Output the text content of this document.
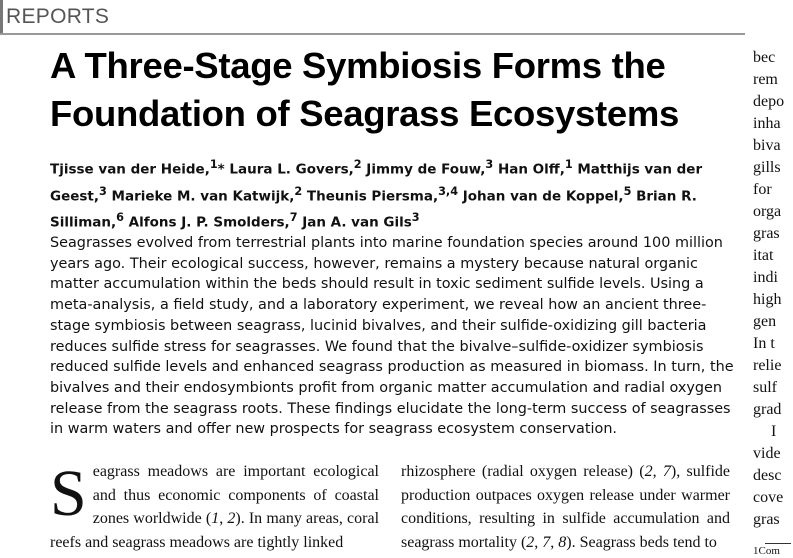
REPORTS
A Three-Stage Symbiosis Forms the Foundation of Seagrass Ecosystems
Tjisse van der Heide,$^1$* Laura L. Govers,$^2$ Jimmy de Fouw,$^3$ Han Olff,$^1$ Matthijs van der Geest,$^3$ Marieke M. van Katwijk,$^2$ Theunis Piersma,$^{3,4}$ Johan van de Koppel,$^5$ Brian R. Silliman,$^6$ Alfons J. P. Smolders,$^7$ Jan A. van Gils$^3$

Seagrasses evolved from terrestrial plants into marine foundation species around 100 million years ago. Their ecological success, however, remains a mystery because natural organic matter accumulation within the beds should result in toxic sediment sulfide levels. Using a meta-analysis, a field study, and a laboratory experiment, we reveal how an ancient three-stage symbiosis between seagrass, lucinid bivalves, and their sulfide-oxidizing gill bacteria reduces sulfide stress for seagrasses. We found that the bivalve–sulfide-oxidizer symbiosis reduced sulfide levels and enhanced seagrass production as measured in biomass. In turn, the bivalves and their endosymbionts profit from organic matter accumulation and radial oxygen release from the seagrass roots. These findings elucidate the long-term success of seagrasses in warm waters and offer new prospects for seagrass ecosystem conservation.

Seagrass meadows are important ecological and thus economic components of coastal zones worldwide (1, 2). In many areas, coral reefs and seagrass meadows are tightly linked
rhizosphere (radial oxygen release) (2, 7), sulfide production outpaces oxygen release under warmer conditions, resulting in sulfide accumulation and seagrass mortality (2, 7, 8). Seagrass beds tend to
bec
rem
depo
inha
biva
gills
for
orga
gras
itat
indi
high
gen
In t
relie
sulf
grad
I
vide
desc
cove
gras
1Com
